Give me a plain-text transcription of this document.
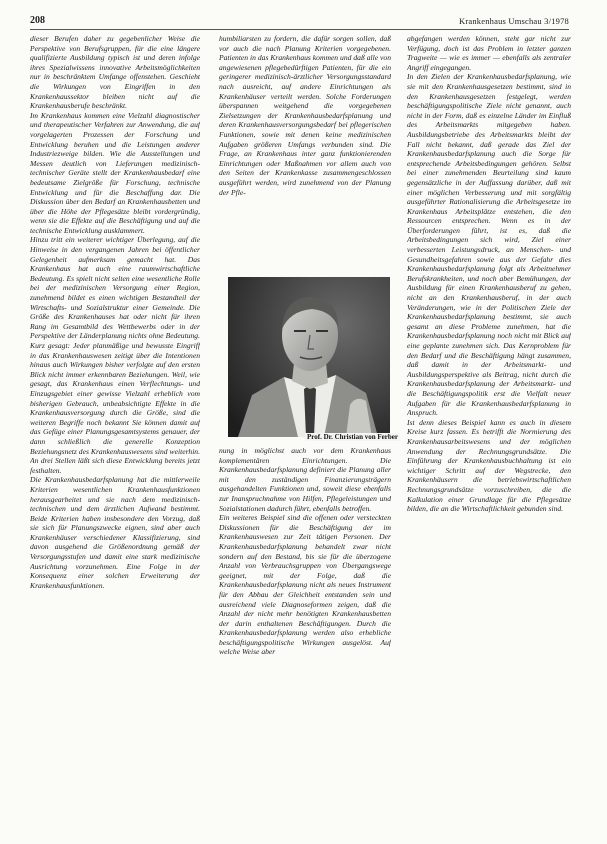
208	Krankenhaus Umschau 3/1978

dieser Berufen daher zu gegebenlicher Weise die Perspektive von Berufsgruppen, für die eine längere qualifizierte Ausbildung typisch ist und deren infolge ihres Spezialwissens innovative Arbeitsmöglichkeiten nur in beschränktem Umfange offenstehen. Geschieht die Wirkungen von Eingriffen in den Krankenhaussektor bleiben nicht auf die Krankenhausberufe beschränkt.

Im Krankenhaus kommen eine Vielzahl diagnostischer und therapeutischer Verfahren zur Anwendung, die auf vorgelagerten Prozessen der Forschung und Entwicklung beruhen und die Leistungen anderer Industriezweige bilden. Wie die Ausstellungen und Messen deutlich von Lieferungen medizinisch-technischer Geräte stellt der Krankenhausbedarf eine bedeutsame Zielgröße für Forschung, technische Entwicklung und für die Beschaffung dar. Die Diskussion über den Bedarf an Krankenhausbetten und über die Höhe der Pflegesätze bleibt vordergründig, wenn sie die Effekte auf die Beschäftigung und auf die technische Entwicklung ausklammert.

Hinzu tritt ein weiterer wichtiger Überlegung, auf die Hinweise in den vergangenen Jahren bei öffentlicher Gelegenheit aufmerksam gemacht hat. Das Krankenhaus hat auch eine raumwirtschaftliche Bedeutung. Es spielt nicht selten eine wesentliche Rolle bei der medizinischen Versorgung einer Region, zunehmend bildet es einen wichtigen Bestandteil der Wirtschafts- und Sozialstruktur einer Gemeinde. Die Größe des Krankenhauses hat oder nicht für ihren Rang im Gesamtbild des Wettbewerbs oder in der Perspektive der Länderplanung nichts ohne Bedeutung. Kurz gesagt: Jeder planmäßige und bewusste Eingriff in das Krankenhauswesen zeitigt über die Intentionen hinaus auch Wirkungen bisher verfolgte auf den ersten Blick nicht immer erkennbaren Beziehungen. Weil, wie gesagt, das Krankenhaus einen Verflechtungs- und Einzugsgebiet einer gewisse Vielzahl erheblich vom bisherigen Gebrauch, unbeabsichtigte Effekte in die Krankenhausversorgung durch die Größe, sind die weiteren Begriffe noch bekannt Sie können damit auf das Gefüge einer Planungsgesamtsystems genauer, der dann schließlich die generelle Konzeption Beziehungsnetz des Krankenhauswesens sind weiterhin. An drei Stellen läßt sich diese Entwicklung bereits jetzt festhalten.

Die Krankenhausbedarfsplanung hat die mittlerweile Kriterien wesentlichen Krankenhausfunktionen herausgearbeitet und sie nach dem medizinisch-technischen und dem ärztlichen Aufwand bestimmt. Beide Kriterien haben insbesondere den Vorzug, daß sie sich für Planungszwecke eignen, sind aber auch Krankenhäuser verschiedener Klassifizierung, sind davon ausgehend die Größenordnung gemäß der Versorgungsstufen und damit eine stark medizinische Ausrichtung vorzunehmen. Eine Folge in der Konsequenz einer solchen Erweiterung der Krankenhausfunktionen.

humbiliarsten zu fordern, die dafür sorgen sollen, daß vor auch die nach Planung Kriterien vorgegebenen. Patienten in das Krankenhaus kommen und daß alle von angewiesenen pflegebedürftigen Patienten, für die ein geringerer medizinisch-ärztlicher Versorgungsstandard nach ausreicht, auf andere Einrichtungen als Krankenhäuser verteilt werden. Solche Forderungen überspannen weitgehend die vorgegebenen Zielsetzungen der Krankenhausbedarfsplanung und deren Krankenhausversorgungsbedarf bei pflegerischen Funktionen, sowie mit denen keine medizinischen Aufgaben größeren Umfangs verbunden sind. Die Frage, an Krankenhaus inter ganz funktionierenden Einrichtungen oder Maßnahmen vor allem auch von den Seiten der Krankenkasse zusammengeschlossen ausgeführt werden, wird zunehmend von der Planung der Pfle-

Prof. Dr. Christian von Ferber

nung in möglichst auch vor dem Krankenhaus komplementären Einrichtungen. Die Krankenhausbedarfsplanung definiert die Planung aller mit den zuständigen Finanzierungsträgern ausgehandelten Funktionen und, soweit diese ebenfalls zur Inanspruchnahme von Hilfen, Pflegeleistungen und Sozialstationen dadurch führt, ebenfalls betroffen.

Ein weiteres Beispiel sind die offenen oder versteckten Diskussionen für die Beschäftigung der im Krankenhauswesen zur Zeit tätigen Personen. Der Krankenhausbedarfsplanung behandelt zwar nicht sondern auf den Bestand, bis sie für die überzogene Anzahl von Verbrauchsgruppen von Übergangswege geeignet, mit der Folge, daß die Krankenhausbedarfsplanung nicht als neues Instrument für den Abbau der Gleichheit entstanden sein und ausreichend viele Diagnoseformen zeigen, daß die Anzahl der nicht mehr benötigten Krankenhausbetten der darin enthaltenen Beschäftigungen. Durch die Krankenhausbedarfsplanung werden also erhebliche beschäftigungspolitische Wirkungen ausgelöst. Auf welche Weise aber

abgefangen werden können, steht gar nicht zur Verfügung, doch ist das Problem in letzter ganzen Tragweite — wie es immer — ebenfalls als zentraler Angriff eingegangen.

In den Zielen der Krankenhausbedarfsplanung, wie sie mit den Krankenhausgesetzen bestimmt, sind in den Krankenhausgesetzen festgelegt, werden beschäftigungspolitische Ziele nicht genannt, auch nicht in der Form, daß es einzelne Länder im Einfluß des Arbeitsmarkts mitgegeben haben. Ausbildungsbetriebe des Arbeitsmarkts bleibt der Fall nicht bekannt, daß gerade das Ziel der Krankenhausbedarfsplanung auch die Sorge für entsprechende Arbeitsbedingungen gehören. Selbst bei einer zunehmenden Beurteilung sind kaum gegensätzliche in der Auffassung darüber, daß mit einer möglichen Verbesserung und mit sorgfältig ausgeführter Rationalisierung die Arbeitsgesetze im Krankenhaus Arbeitsplätze entstehen, die den Ressourcen entsprechen. Wenn es in der Überforderungen führt, ist es, daß die Arbeitsbedingungen sich wird, Ziel einer verbesserten Leistungsdruck, an Menschen- und Gesundheitsgefahren sowie aus der Gefahr dies Krankenhausbedarfsplanung folgt als Arbeitnehmer Berufskrankheiten, und noch aber Bemühungen, der Ausbildung für einen Krankenhausberuf zu gehen, nicht an den Krankenhausberuf, in der auch Veränderungen, wie in der Politischen Ziele der Krankenhausbedarfsplanung bestimmt, sie auch gesamt an diese Probleme zunehmen, hat die Krankenhausbedarfsplanung noch nicht mit Blick auf eine geplante zunehmen sich. Das Kernproblem für den Bedarf und die Beschäftigung hängt zusammen, daß damit in der Arbeitsmarkt- und Ausbildungsperspektive als Beitrag, nicht durch die Krankenhausbedarfsplanung der Arbeitsmarkt- und die Beschäftigungspolitik erst die Vielfalt neuer Aufgaben für die Krankenhausbedarfsplanung in Anspruch.

Ist denn dieses Beispiel kann es auch in diesem Kreise kurz fassen. Es betrifft die Normierung des Krankenhausarbeitswesens und der möglichen Anwendung der Rechnungsgrundsätze. Die Einführung der Krankenhausbuchhaltung ist ein wichtiger Schritt auf der Wegstrecke, den Krankenhäusern die betriebswirtschaftlichen Rechnungsgrundsätze vorzuschreiben, die die Kalkulation einer Grundlage für die Pflegesätze bilden, die an die Wirtschaftlichkeit gebunden sind.
